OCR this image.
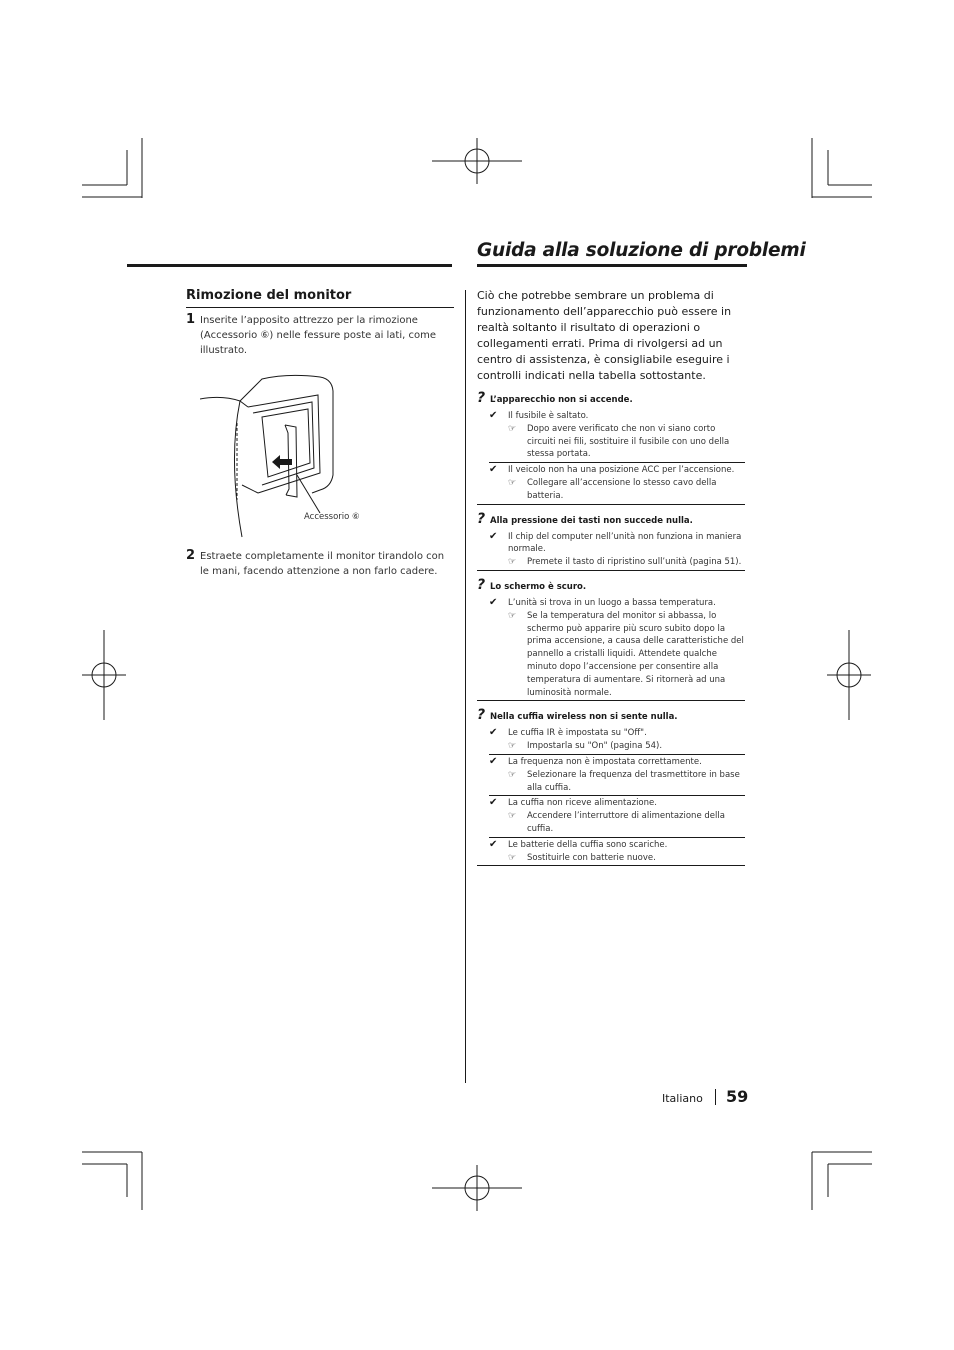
Guida alla soluzione di problemi
Rimozione del monitor
1 Inserite l’apposito attrezzo per la rimozione (Accessorio ⑥) nelle fessure poste ai lati, come illustrato.
Accessorio ⑥
2 Estraete completamente il monitor tirandolo con le mani, facendo attenzione a non farlo cadere.
Ciò che potrebbe sembrare un problema di funzionamento dell’apparecchio può essere in realtà soltanto il risultato di operazioni o collegamenti errati. Prima di rivolgersi ad un centro di assistenza, è consigliabile eseguire i controlli indicati nella tabella sottostante.
? L’apparecchio non si accende.
✔ Il fusibile è saltato.
☞ Dopo avere verificato che non vi siano corto circuiti nei fili, sostituire il fusibile con uno della stessa portata.
✔ Il veicolo non ha una posizione ACC per l’accensione.
☞ Collegare all’accensione lo stesso cavo della batteria.
? Alla pressione dei tasti non succede nulla.
✔ Il chip del computer nell’unità non funziona in maniera normale.
☞ Premete il tasto di ripristino sull’unità (pagina 51).
? Lo schermo è scuro.
✔ L’unità si trova in un luogo a bassa temperatura.
☞ Se la temperatura del monitor si abbassa, lo schermo può apparire più scuro subito dopo la prima accensione, a causa delle caratteristiche del pannello a cristalli liquidi. Attendete qualche minuto dopo l’accensione per consentire alla temperatura di aumentare. Si ritornerà ad una luminosità normale.
? Nella cuffia wireless non si sente nulla.
✔ Le cuffia IR è impostata su "Off".
☞ Impostarla su "On" (pagina 54).
✔ La frequenza non è impostata correttamente.
☞ Selezionare la frequenza del trasmettitore in base alla cuffia.
✔ La cuffia non riceve alimentazione.
☞ Accendere l’interruttore di alimentazione della cuffia.
✔ Le batterie della cuffia sono scariche.
☞ Sostituirle con batterie nuove.
Italiano 59
